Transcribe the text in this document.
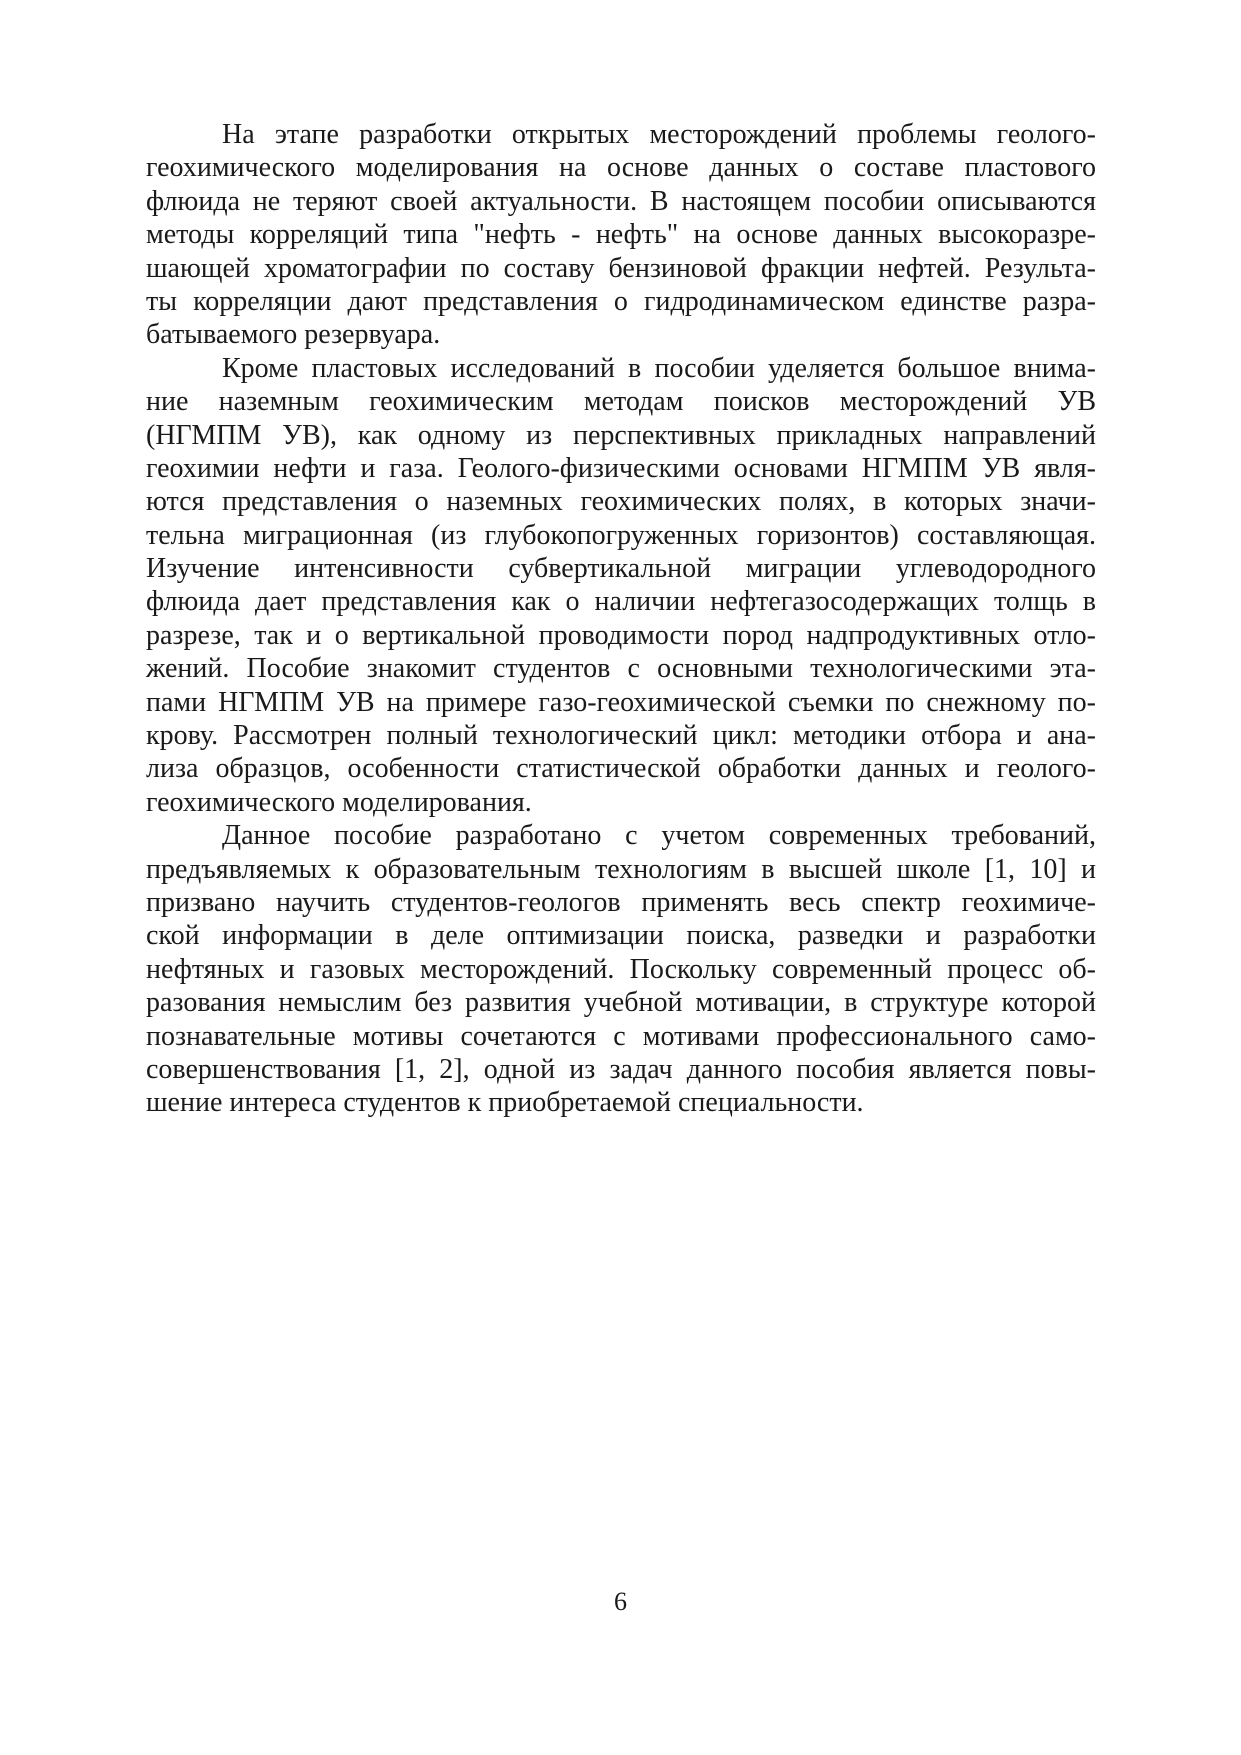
На этапе разработки открытых месторождений проблемы геолого-
геохимического моделирования на основе данных о составе пластового
флюида не теряют своей актуальности. В настоящем пособии описываются
методы корреляций типа "нефть - нефть" на основе данных высокоразре-
шающей хроматографии по составу бензиновой фракции нефтей. Результа-
ты корреляции дают представления о гидродинамическом единстве разра-
батываемого резервуара.
Кроме пластовых исследований в пособии уделяется большое внима-
ние наземным геохимическим методам поисков месторождений УВ
(НГМПМ УВ), как одному из перспективных прикладных направлений
геохимии нефти и газа. Геолого-физическими основами НГМПМ УВ явля-
ются представления о наземных геохимических полях, в которых значи-
тельна миграционная (из глубокопогруженных горизонтов) составляющая.
Изучение интенсивности субвертикальной миграции углеводородного
флюида дает представления как о наличии нефтегазосодержащих толщь в
разрезе, так и о вертикальной проводимости пород надпродуктивных отло-
жений. Пособие знакомит студентов с основными технологическими эта-
пами НГМПМ УВ на примере газо-геохимической съемки по снежному по-
крову. Рассмотрен полный технологический цикл: методики отбора и ана-
лиза образцов, особенности статистической обработки данных и геолого-
геохимического моделирования.
Данное пособие разработано с учетом современных требований,
предъявляемых к образовательным технологиям в высшей школе [1, 10] и
призвано научить студентов-геологов применять весь спектр геохимиче-
ской информации в деле оптимизации поиска, разведки и разработки
нефтяных и газовых месторождений. Поскольку современный процесс об-
разования немыслим без развития учебной мотивации, в структуре которой
познавательные мотивы сочетаются с мотивами профессионального само-
совершенствования [1, 2], одной из задач данного пособия является повы-
шение интереса студентов к приобретаемой специальности.
6
